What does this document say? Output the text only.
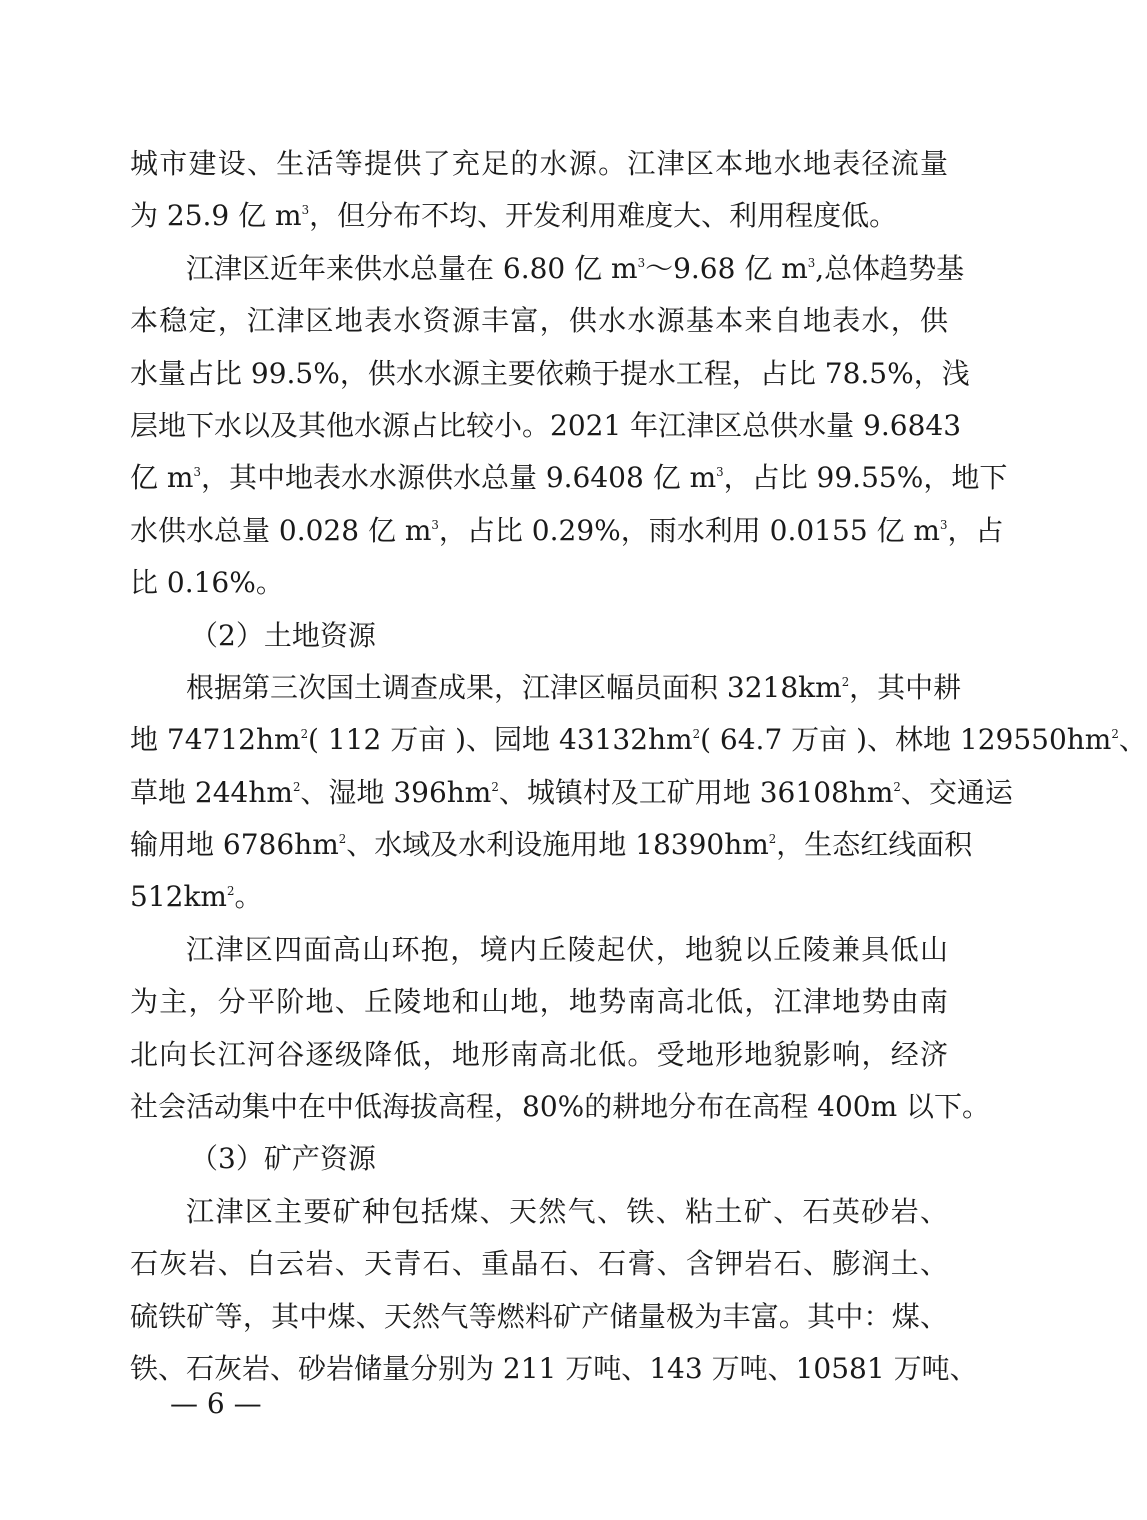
城市建设、生活等提供了充足的水源。江津区本地水地表径流量
为 25.9 亿 $m^3$，但分布不均、开发利用难度大、利用程度低。
江津区近年来供水总量在 6.80 亿 $m^3\sim 9.68$ 亿 $m^3$,总体趋势基
本稳定，江津区地表水资源丰富，供水水源基本来自地表水，供
水量占比 99.5%，供水水源主要依赖于提水工程，占比 78.5%，浅
层地下水以及其他水源占比较小。2021 年江津区总供水量 9.6843
亿 $m^3$，其中地表水水源供水总量 9.6408 亿 $m^3$，占比 99.55%，地下
水供水总量 0.028 亿 $m^3$，占比 0.29%，雨水利用 0.0155 亿 $m^3$，占
比 0.16%。
（2）土地资源
根据第三次国土调查成果，江津区幅员面积 $3218km^2$，其中耕
地 $74712hm^2$( 112 万亩 )、园地 $43132hm^2$( 64.7 万亩 )、林地 $129550hm^2$、
草地 $244hm^2$、湿地 $396hm^2$、城镇村及工矿用地 $36108hm^2$、交通运
输用地 $6786hm^2$、水域及水利设施用地 $18390hm^2$，生态红线面积
$512km^2$。
江津区四面高山环抱，境内丘陵起伏，地貌以丘陵兼具低山
为主，分平阶地、丘陵地和山地，地势南高北低，江津地势由南
北向长江河谷逐级降低，地形南高北低。受地形地貌影响，经济
社会活动集中在中低海拔高程，80%的耕地分布在高程 400m 以下。
（3）矿产资源
江津区主要矿种包括煤、天然气、铁、粘土矿、石英砂岩、
石灰岩、白云岩、天青石、重晶石、石膏、含钾岩石、膨润土、
硫铁矿等，其中煤、天然气等燃料矿产储量极为丰富。其中：煤、
铁、石灰岩、砂岩储量分别为 211 万吨、143 万吨、10581 万吨、
— 6 —
